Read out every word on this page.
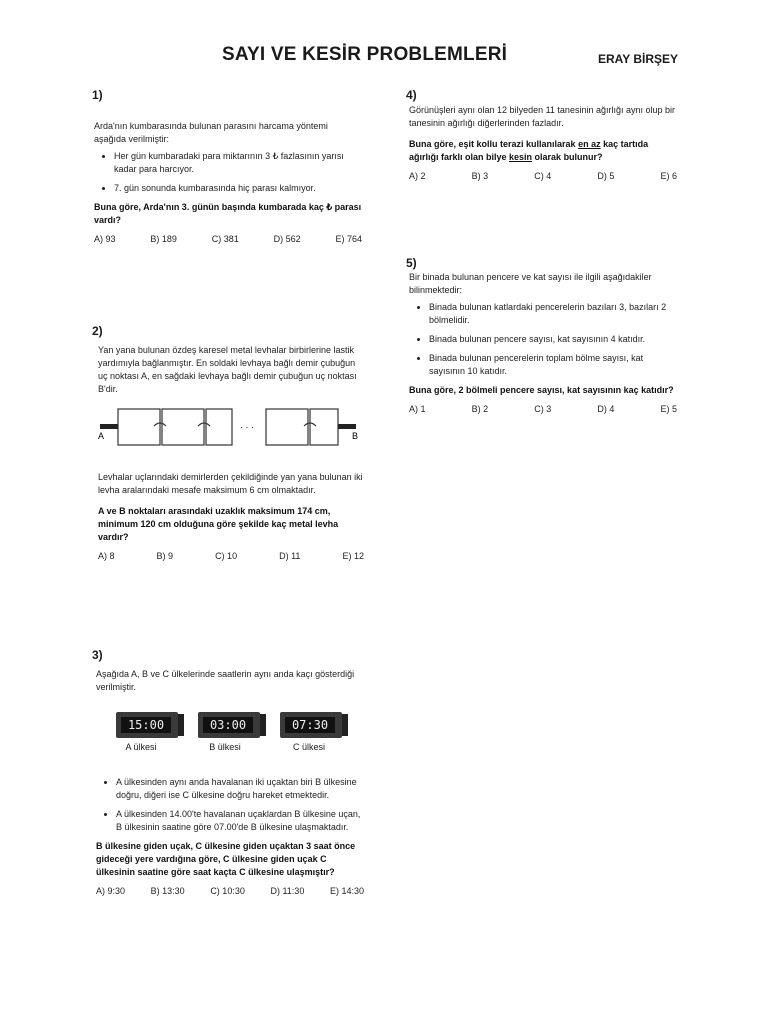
SAYI VE KESİR PROBLEMLERİ	ERAY BİRŞEY
1)

Arda'nın kumbarasında bulunan parasını harcama yöntemi aşağıda verilmiştir:

• Her gün kumbaradaki para miktarının 3 ₺ fazlasının yarısı kadar para harcıyor.
• 7. gün sonunda kumbarasında hiç parası kalmıyor.

Buna göre, Arda'nın 3. günün başında kumbarada kaç ₺ parası vardı?

A) 93	B) 189	C) 381	D) 562	E) 764
2)

Yan yana bulunan özdeş karesel metal levhalar birbirlerine lastik yardımıyla bağlanmıştır. En soldaki levhaya bağlı demir çubuğun uç noktası A, en sağdaki levhaya bağlı demir çubuğun uç noktası B'dir.

A	B
· · ·

Levhalar uçlarındaki demirlerden çekildiğinde yan yana bulunan iki levha aralarındaki mesafe maksimum 6 cm olmaktadır.

A ve B noktaları arasındaki uzaklık maksimum 174 cm, minimum 120 cm olduğuna göre şekilde kaç metal levha vardır?

A) 8	B) 9	C) 10	D) 11	E) 12
3)

Aşağıda A, B ve C ülkelerinde saatlerin aynı anda kaçı gösterdiği verilmiştir.

15:00	03:00	07:30
A ülkesi	B ülkesi	C ülkesi
• A ülkesinden aynı anda havalanan iki uçaktan biri B ülkesine doğru, diğeri ise C ülkesine doğru hareket etmektedir.
• A ülkesinden 14.00'te havalanan uçaklardan B ülkesine uçan, B ülkesinin saatine göre 07.00'de B ülkesine ulaşmaktadır.

B ülkesine giden uçak, C ülkesine giden uçaktan 3 saat önce gideceği yere vardığına göre, C ülkesine giden uçak C ülkesinin saatine göre saat kaçta C ülkesine ulaşmıştır?

A) 9:30	B) 13:30	C) 10:30	D) 11:30	E) 14:30
4)

Görünüşleri aynı olan 12 bilyeden 11 tanesinin ağırlığı aynı olup bir tanesinin ağırlığı diğerlerinden fazladır.

Buna göre, eşit kollu terazi kullanılarak en az kaç tartıda ağırlığı farklı olan bilye kesin olarak bulunur?

A) 2	B) 3	C) 4	D) 5	E) 6
5)

Bir binada bulunan pencere ve kat sayısı ile ilgili aşağıdakiler bilinmektedir:

• Binada bulunan katlardaki pencerelerin bazıları 3, bazıları 2 bölmelidir.
• Binada bulunan pencere sayısı, kat sayısının 4 katıdır.
• Binada bulunan pencerelerin toplam bölme sayısı, kat sayısının 10 katıdır.

Buna göre, 2 bölmeli pencere sayısı, kat sayısının kaç katıdır?

A) 1	B) 2	C) 3	D) 4	E) 5
